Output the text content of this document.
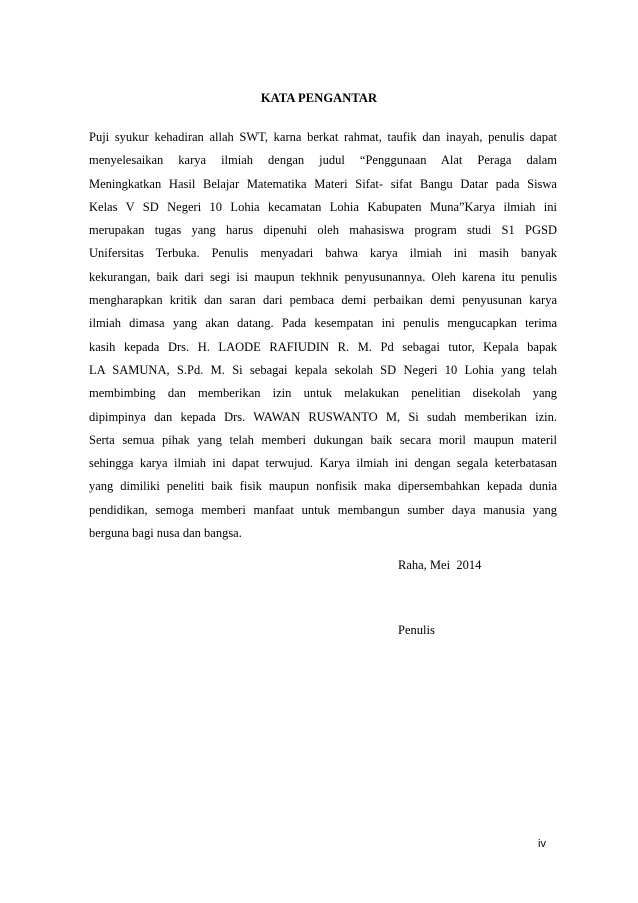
KATA PENGANTAR
Puji syukur kehadiran allah SWT, karna berkat rahmat, taufik dan inayah, penulis dapat
menyelesaikan karya ilmiah dengan judul “Penggunaan Alat Peraga dalam
Meningkatkan Hasil Belajar Matematika Materi Sifat- sifat Bangu Datar pada Siswa
Kelas V SD Negeri 10 Lohia kecamatan Lohia Kabupaten Muna”Karya ilmiah ini
merupakan tugas yang harus dipenuhi oleh mahasiswa program studi S1 PGSD
Unifersitas Terbuka. Penulis menyadari bahwa karya ilmiah ini masih banyak
kekurangan, baik dari segi isi maupun tekhnik penyusunannya. Oleh karena itu penulis
mengharapkan kritik dan saran dari pembaca demi perbaikan demi penyusunan karya
ilmiah dimasa yang akan datang. Pada kesempatan ini penulis mengucapkan terima
kasih kepada Drs. H. LAODE RAFIUDIN R. M. Pd sebagai tutor, Kepala bapak
LA SAMUNA, S.Pd. M. Si sebagai kepala sekolah SD Negeri 10 Lohia yang telah
membimbing dan memberikan izin untuk melakukan penelitian disekolah yang
dipimpinya dan kepada Drs. WAWAN RUSWANTO M, Si sudah memberikan izin.
Serta semua pihak yang telah memberi dukungan baik secara moril maupun materil
sehingga karya ilmiah ini dapat terwujud. Karya ilmiah ini dengan segala keterbatasan
yang dimiliki peneliti baik fisik maupun nonfisik maka dipersembahkan kepada dunia
pendidikan, semoga memberi manfaat untuk membangun sumber daya manusia yang
berguna bagi nusa dan bangsa.

Raha, Mei  2014

Penulis

iv
